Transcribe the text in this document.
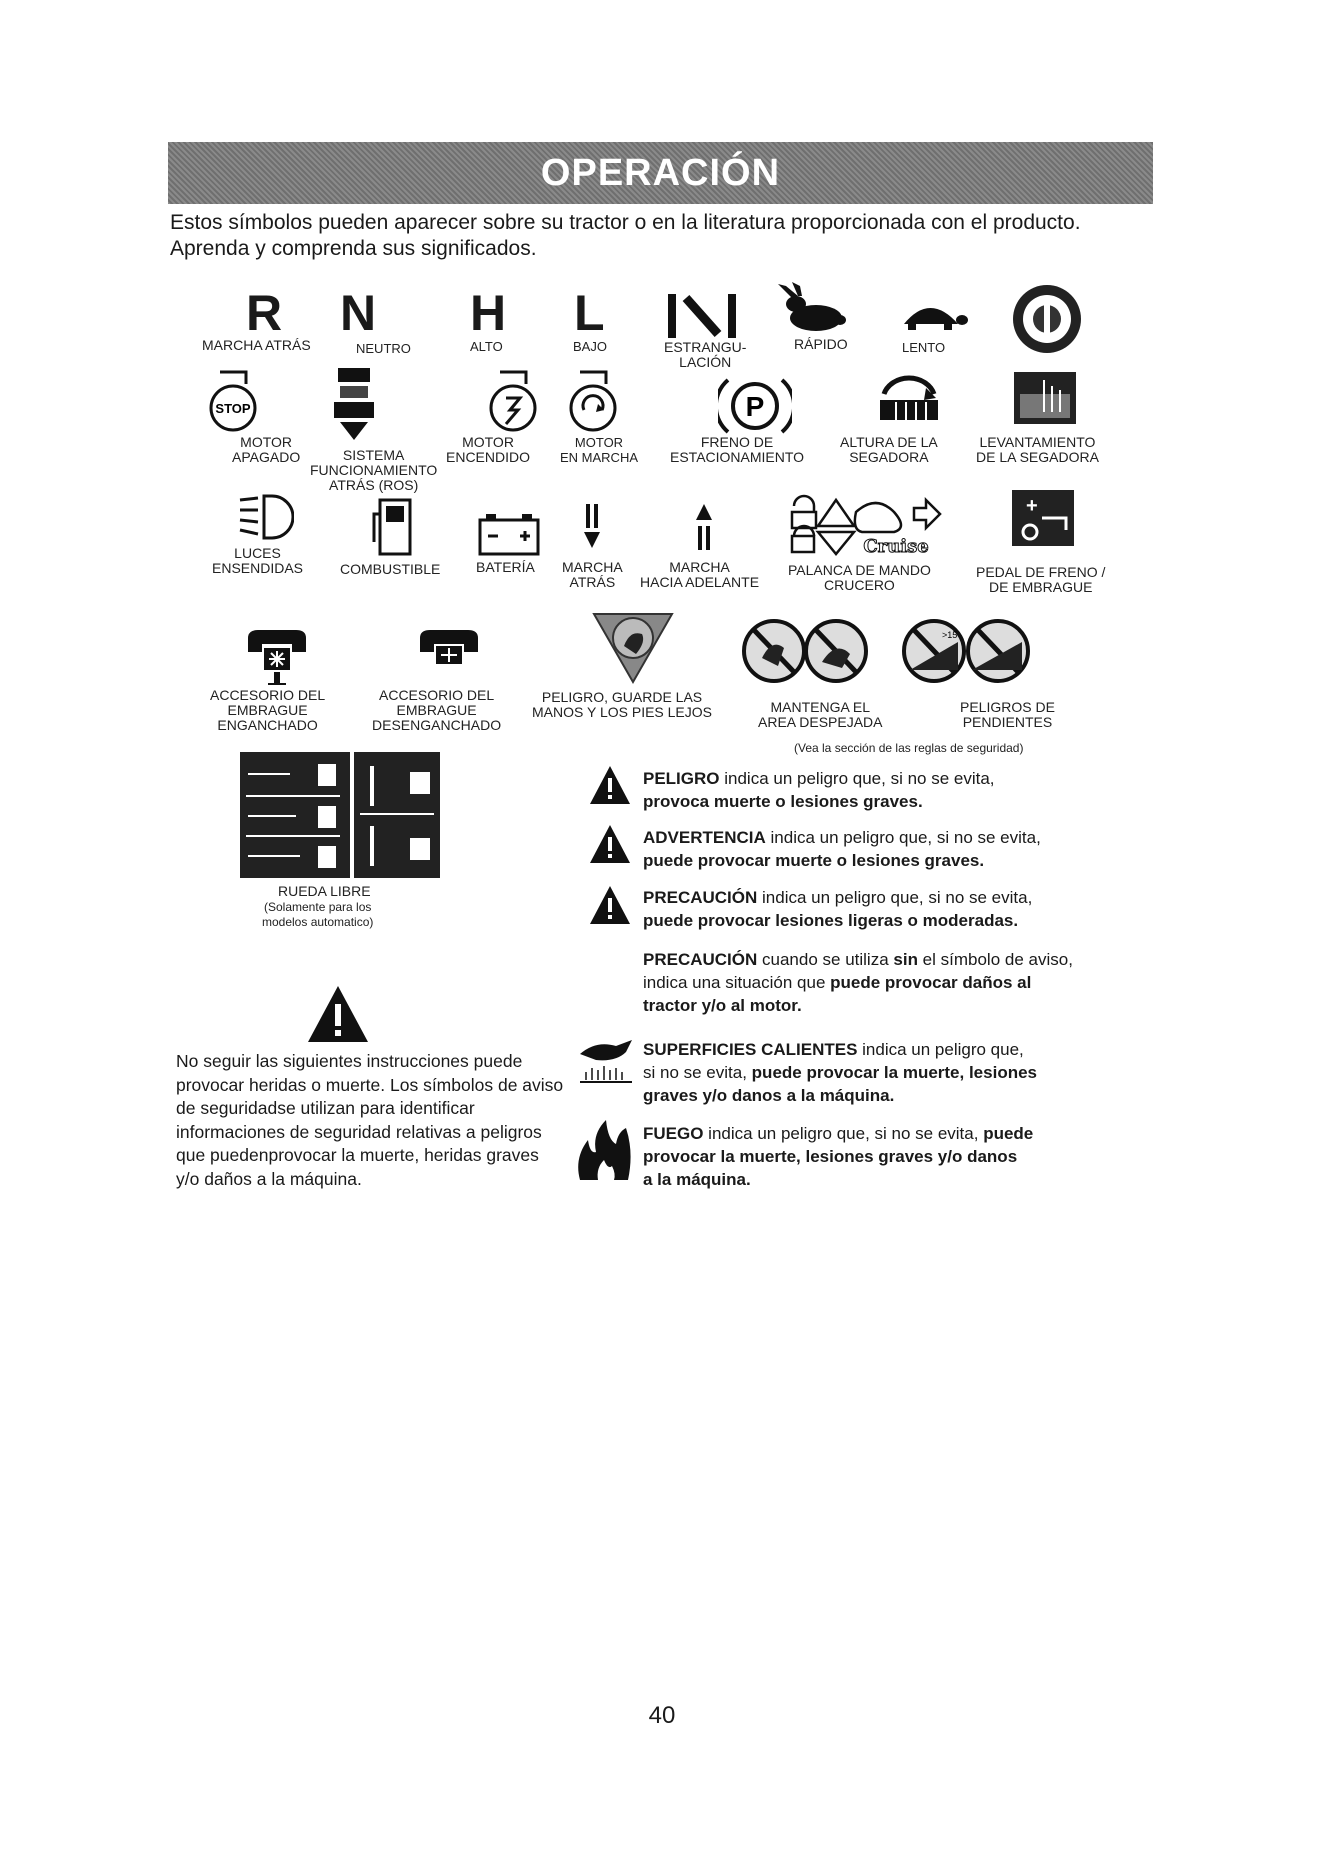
OPERACIÓN
Estos símbolos pueden aparecer sobre su tractor o en la literatura proporcionada con el producto.
Aprenda y comprenda sus significados.
R N H L
MARCHA ATRÁS	NEUTRO	ALTO	BAJO	ESTRANGU-
LACIÓN
RÁPIDO	LENTO
STOP	P
MOTOR
APAGADO	SISTEMA
FUNCIONAMIENTO
ATRÁS (ROS)
MOTOR
ENCENDIDO
MOTOR
EN MARCHA
FRENO DE
ESTACIONAMIENTO
ALTURA DE LA
SEGADORA
LEVANTAMIENTO
DE LA SEGADORA
Cruise
+
LUCES
ENSENDIDAS	COMBUSTIBLE	BATERÍA MARCHA
ATRÁS
MARCHA
HACIA ADELANTE
PALANCA DE MANDO
CRUCERO
PEDAL DE FRENO /
DE EMBRAGUE
>15
ACCESORIO DEL
EMBRAGUE
ENGANCHADO
ACCESORIO DEL
EMBRAGUE
DESENGANCHADO
PELIGRO, GUARDE LAS
MANOS Y LOS PIES LEJOS	MANTENGA EL
AREA DESPEJADA
PELIGROS DE
PENDIENTES
(Vea la sección de las reglas de seguridad)
RUEDA LIBRE
(Solamente para los
modelos automatico)
No seguir las siguientes instrucciones puede provocar heridas o muerte. Los símbolos de aviso de seguridadse utilizan para identificar informaciones de seguridad relativas a peligros que puedenprovocar la muerte, heridas graves y/o daños a la máquina.
PELIGRO indica un peligro que, si no se evita,
provoca muerte o lesiones graves.
ADVERTENCIA indica un peligro que, si no se evita,
puede provocar muerte o lesiones graves.
PRECAUCIÓN indica un peligro que, si no se evita,
puede provocar lesiones ligeras o moderadas.
PRECAUCIÓN cuando se utiliza sin el símbolo de aviso,
indica una situación que puede provocar daños al
tractor y/o al motor.
SUPERFICIES CALIENTES indica un peligro que,
si no se evita, puede provocar la muerte, lesiones
graves y/o danos a la máquina.
FUEGO indica un peligro que, si no se evita, puede
provocar la muerte, lesiones graves y/o danos
a la máquina.
40
